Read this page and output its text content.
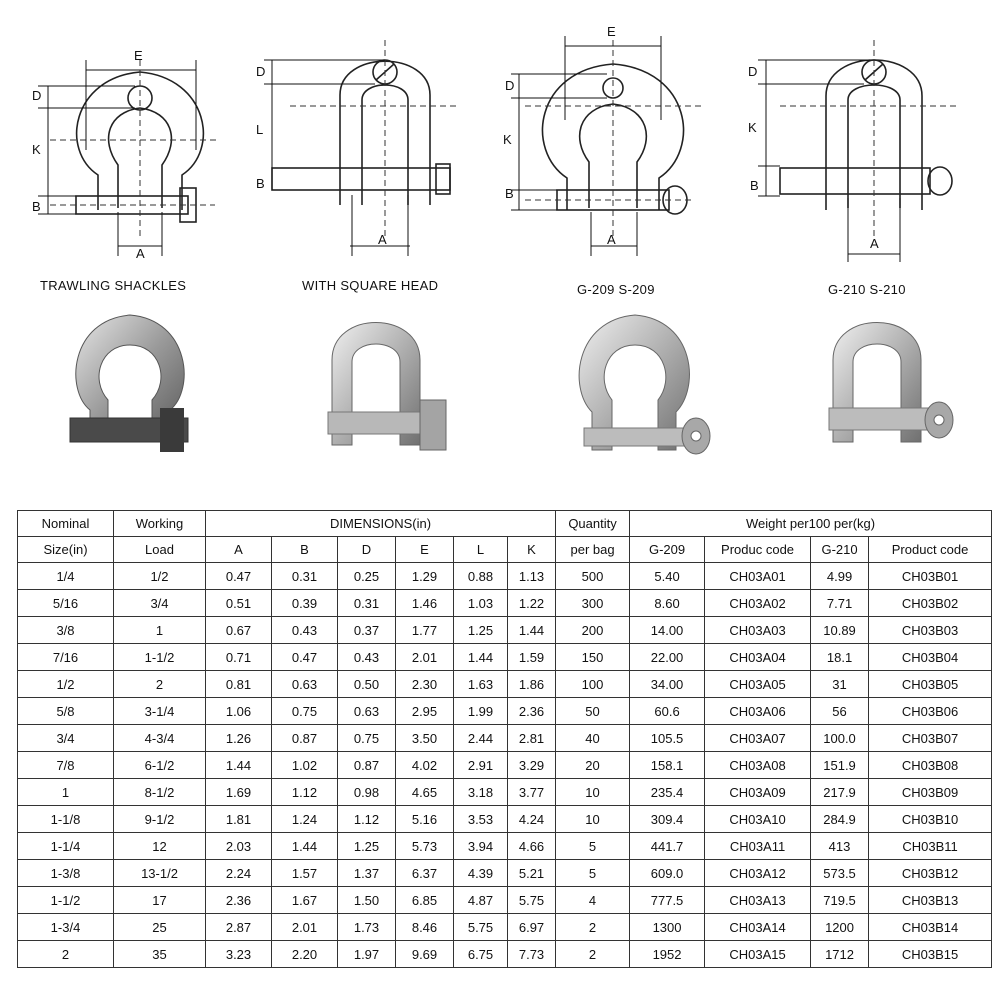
E
D
K
B
A
TRAWLING SHACKLES
D
L
B
A
WITH SQUARE HEAD
E
D
K
B
A
G-209 S-209
D
K
B
A
G-210 S-210
Nominal	Working	DIMENSIONS(in)						Quantity	Weight per100 per(kg)			
Size(in)	Load	A	B	D	E	L	K	per bag	G-209	Produc code	G-210	Product code
1/4	1/2	0.47	0.31	0.25	1.29	0.88	1.13	500	5.40	CH03A01	4.99	CH03B01
5/16	3/4	0.51	0.39	0.31	1.46	1.03	1.22	300	8.60	CH03A02	7.71	CH03B02
3/8	1	0.67	0.43	0.37	1.77	1.25	1.44	200	14.00	CH03A03	10.89	CH03B03
7/16	1-1/2	0.71	0.47	0.43	2.01	1.44	1.59	150	22.00	CH03A04	18.1	CH03B04
1/2	2	0.81	0.63	0.50	2.30	1.63	1.86	100	34.00	CH03A05	31	CH03B05
5/8	3-1/4	1.06	0.75	0.63	2.95	1.99	2.36	50	60.6	CH03A06	56	CH03B06
3/4	4-3/4	1.26	0.87	0.75	3.50	2.44	2.81	40	105.5	CH03A07	100.0	CH03B07
7/8	6-1/2	1.44	1.02	0.87	4.02	2.91	3.29	20	158.1	CH03A08	151.9	CH03B08
1	8-1/2	1.69	1.12	0.98	4.65	3.18	3.77	10	235.4	CH03A09	217.9	CH03B09
1-1/8	9-1/2	1.81	1.24	1.12	5.16	3.53	4.24	10	309.4	CH03A10	284.9	CH03B10
1-1/4	12	2.03	1.44	1.25	5.73	3.94	4.66	5	441.7	CH03A11	413	CH03B11
1-3/8	13-1/2	2.24	1.57	1.37	6.37	4.39	5.21	5	609.0	CH03A12	573.5	CH03B12
1-1/2	17	2.36	1.67	1.50	6.85	4.87	5.75	4	777.5	CH03A13	719.5	CH03B13
1-3/4	25	2.87	2.01	1.73	8.46	5.75	6.97	2	1300	CH03A14	1200	CH03B14
2	35	3.23	2.20	1.97	9.69	6.75	7.73	2	1952	CH03A15	1712	CH03B15
